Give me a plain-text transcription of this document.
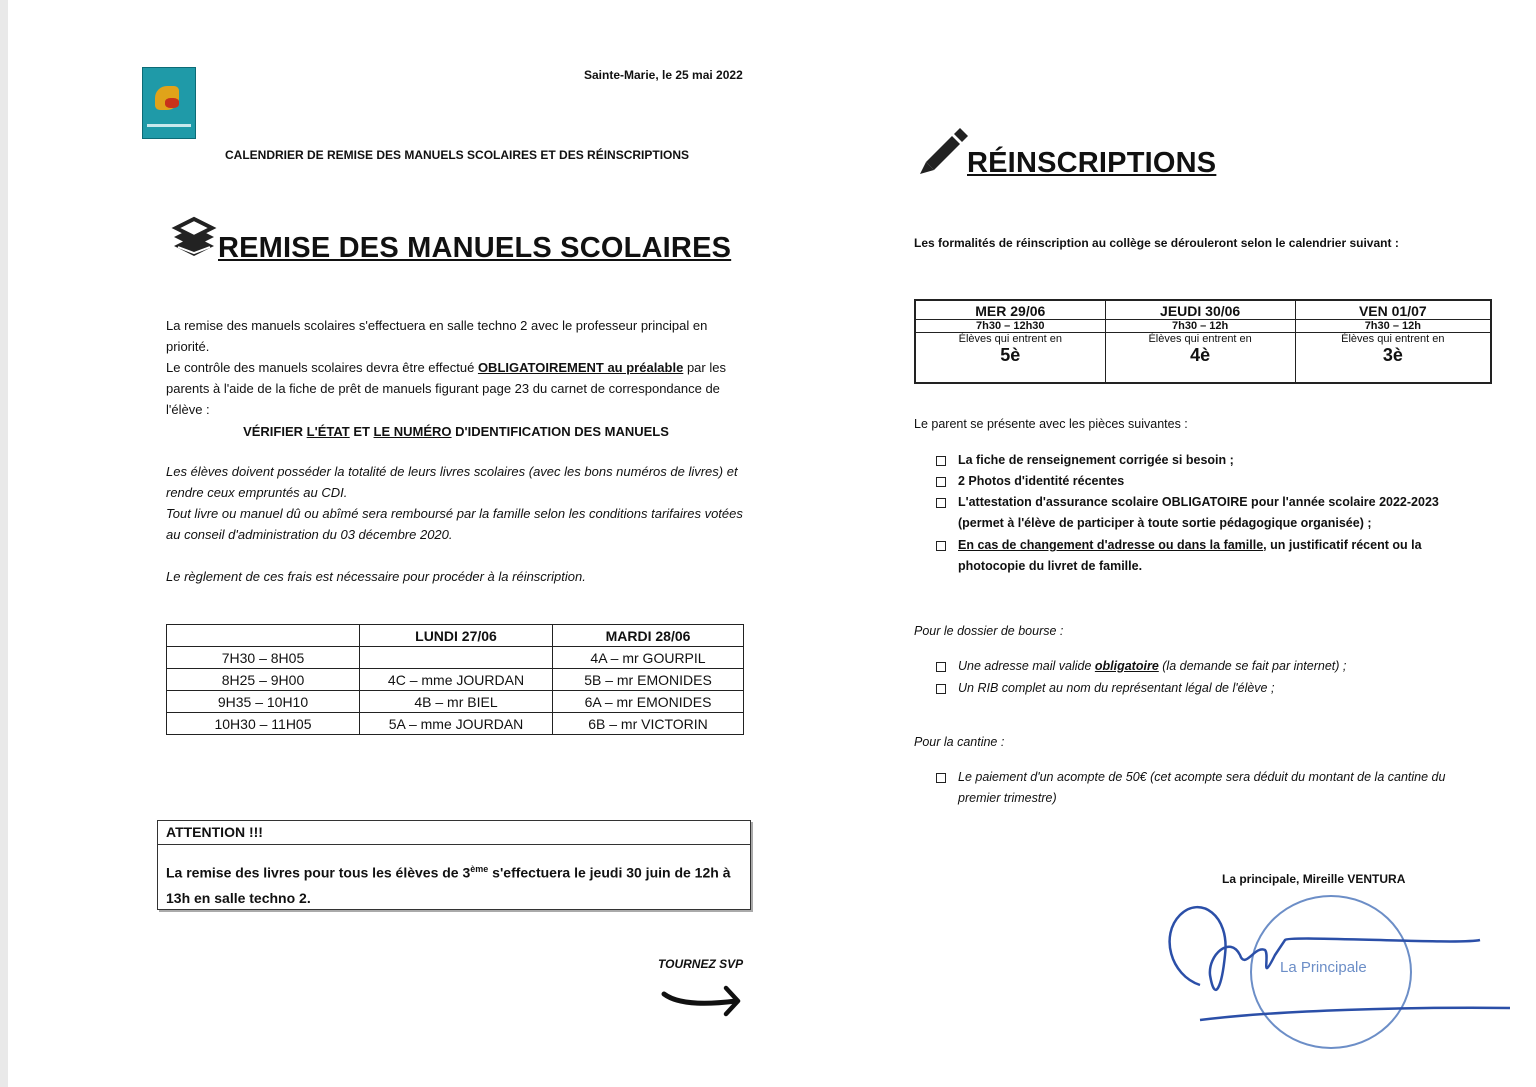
Sainte-Marie, le 25 mai 2022
CALENDRIER DE REMISE DES MANUELS SCOLAIRES ET DES RÉINSCRIPTIONS
REMISE DES MANUELS SCOLAIRES

La remise des manuels scolaires s'effectuera en salle techno 2 avec le professeur principal en priorité.

Le contrôle des manuels scolaires devra être effectué OBLIGATOIREMENT au préalable par les parents à l'aide de la fiche de prêt de manuels figurant page 23 du carnet de correspondance de l'élève :

VÉRIFIER L'ÉTAT ET LE NUMÉRO D'IDENTIFICATION DES MANUELS

Les élèves doivent posséder la totalité de leurs livres scolaires (avec les bons numéros de livres) et rendre ceux empruntés au CDI.

Tout livre ou manuel dû ou abîmé sera remboursé par la famille selon les conditions tarifaires votées au conseil d'administration du 03 décembre 2020.

Le règlement de ces frais est nécessaire pour procéder à la réinscription.

	LUNDI 27/06	MARDI 28/06
7H30 – 8H05		4A – mr GOURPIL
8H25 – 9H00	4C – mme JOURDAN	5B – mr EMONIDES
9H35 – 10H10	4B – mr BIEL	6A – mr EMONIDES
10H30 – 11H05	5A – mme JOURDAN	6B – mr VICTORIN
ATTENTION !!!
La remise des livres pour tous les élèves de 3ème s'effectuera le jeudi 30 juin de 12h à 13h en salle techno 2.
TOURNEZ SVP
RÉINSCRIPTIONS
Les formalités de réinscription au collège se dérouleront selon le calendrier suivant :
MER 29/06
7h30 – 12h30
Élèves qui entrent en
5è

JEUDI 30/06
7h30 – 12h
Élèves qui entrent en
4è

VEN 01/07
7h30 – 12h
Élèves qui entrent en
3è
Le parent se présente avec les pièces suivantes :
La fiche de renseignement corrigée si besoin ;
2 Photos d'identité récentes
L'attestation d'assurance scolaire OBLIGATOIRE pour l'année scolaire 2022-2023 (permet à l'élève de participer à toute sortie pédagogique organisée) ;
En cas de changement d'adresse ou dans la famille, un justificatif récent ou la photocopie du livret de famille.
Pour le dossier de bourse :
Une adresse mail valide obligatoire (la demande se fait par internet) ;
Un RIB complet au nom du représentant légal de l'élève ;
Pour la cantine :
Le paiement d'un acompte de 50€ (cet acompte sera déduit du montant de la cantine du premier trimestre)
La principale, Mireille VENTURA
La Principale
